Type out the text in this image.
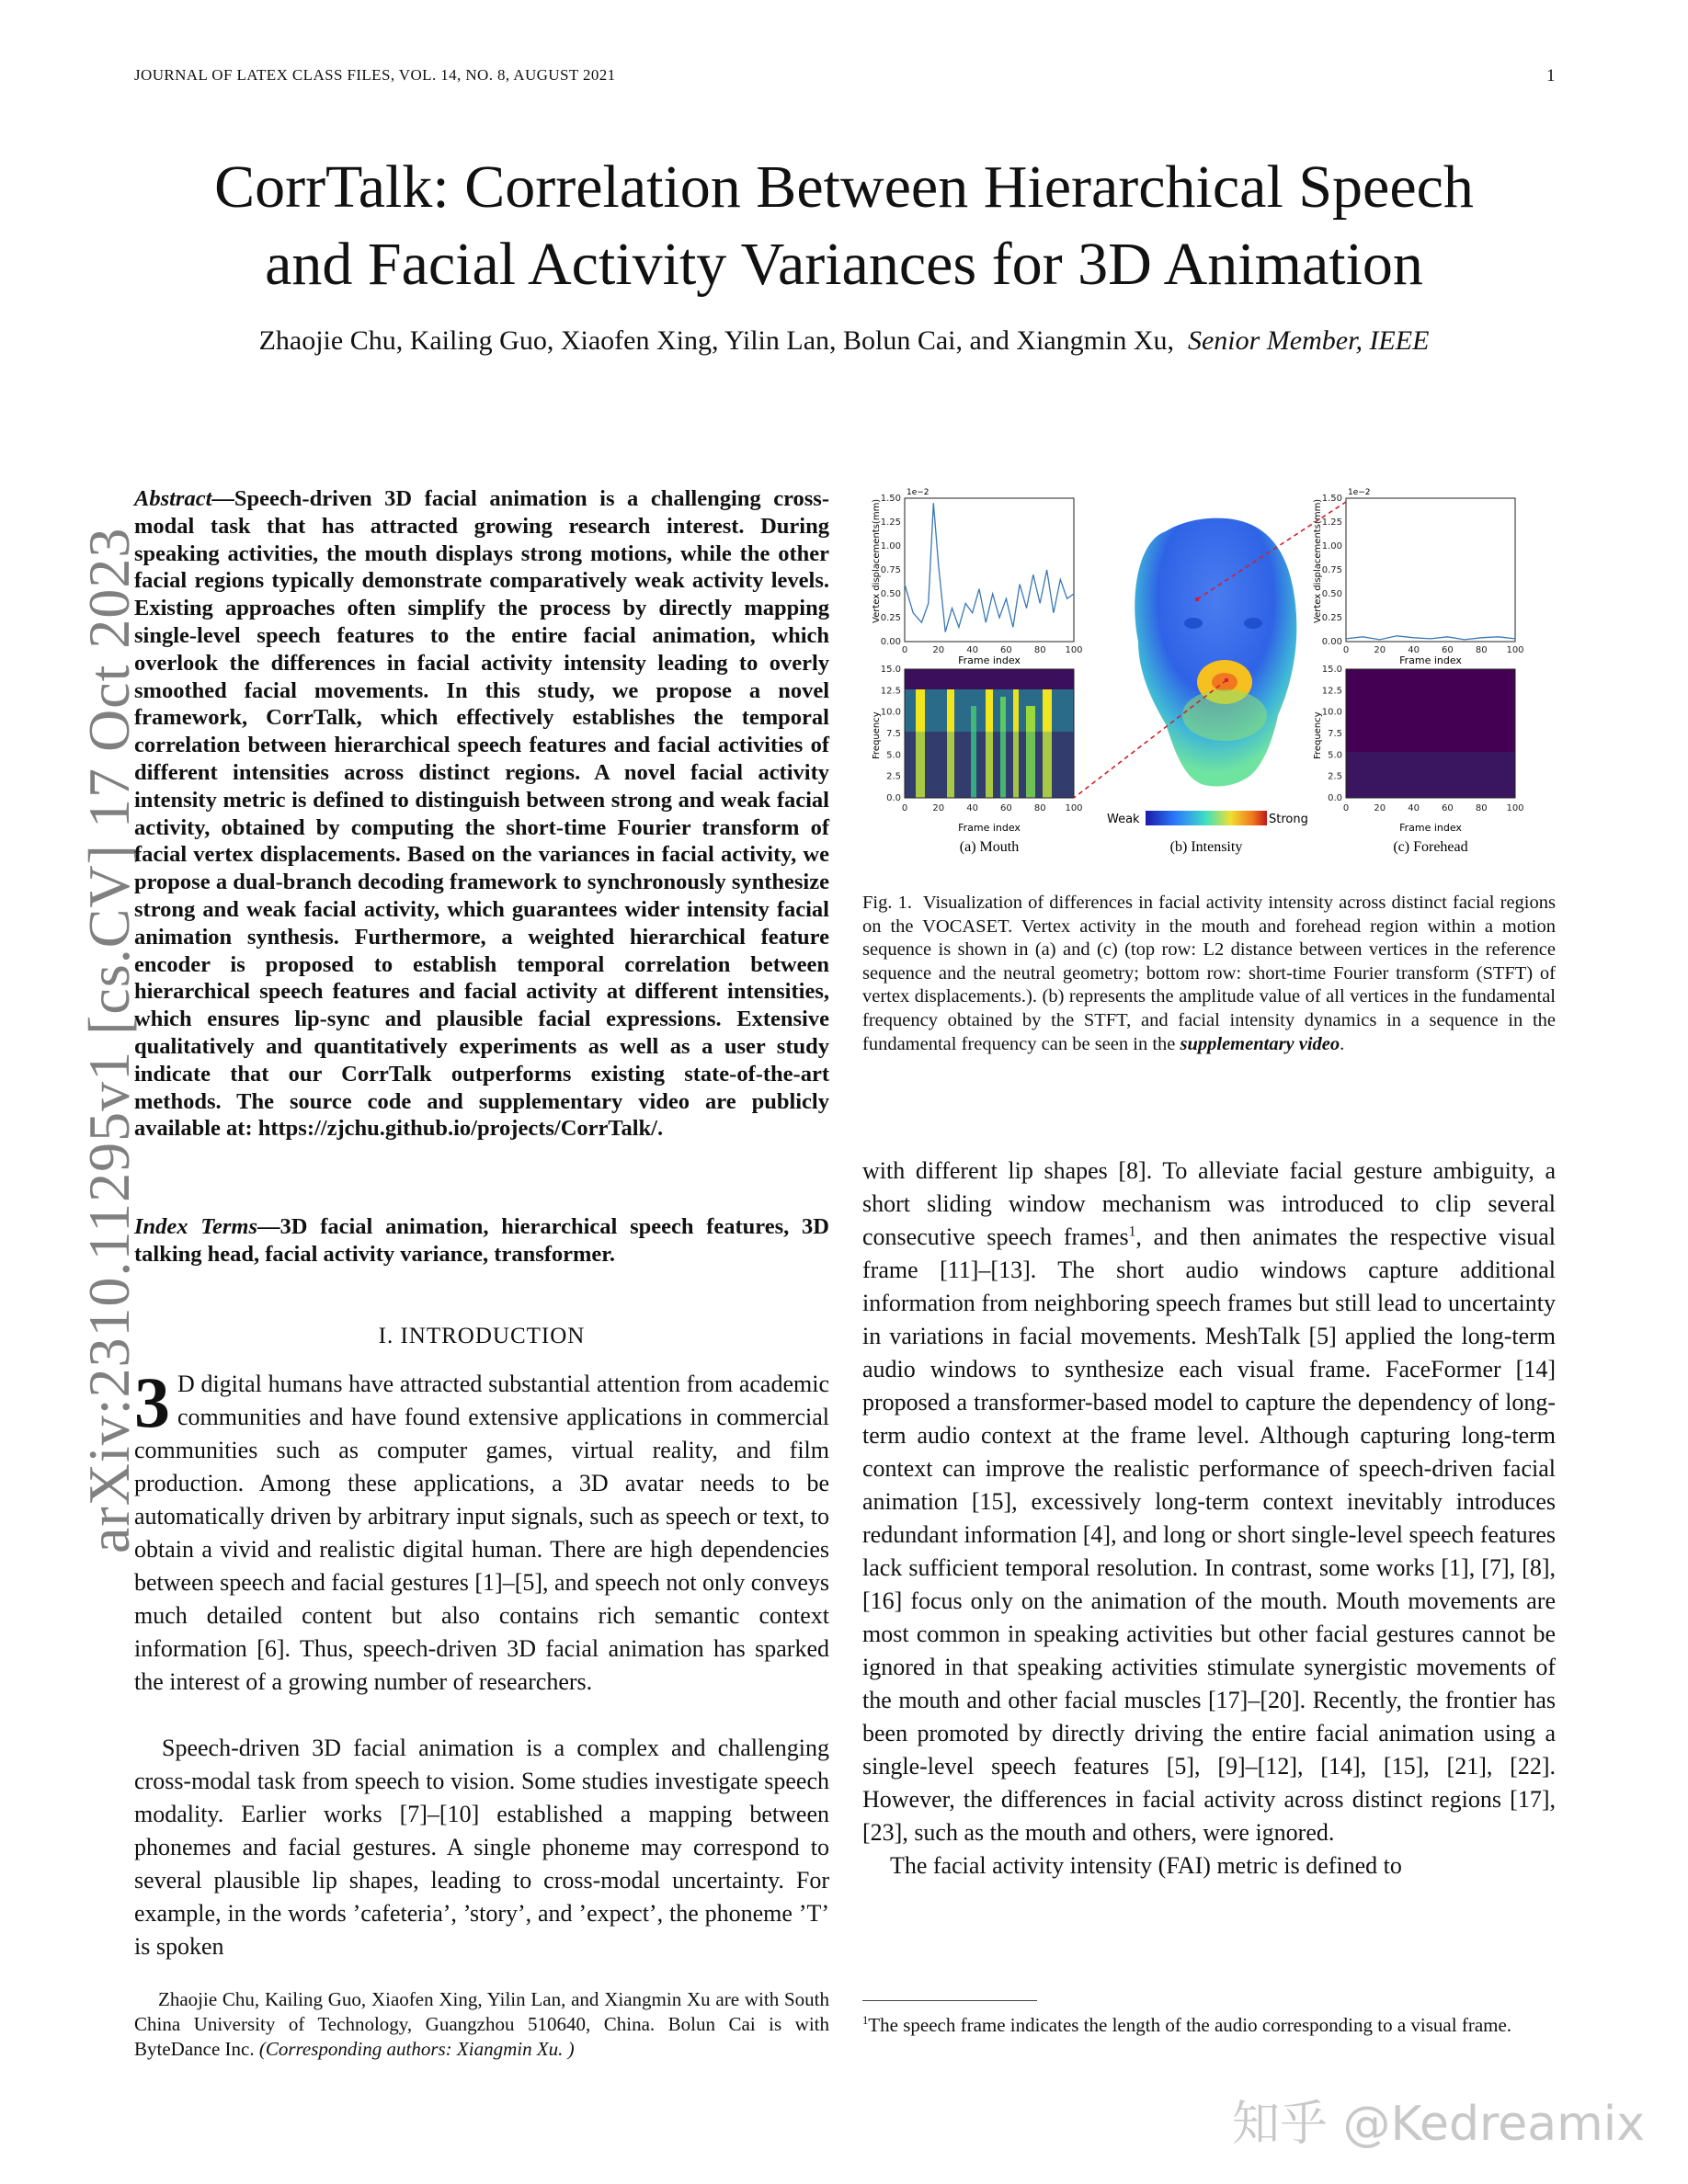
JOURNAL OF LATEX CLASS FILES, VOL. 14, NO. 8, AUGUST 2021	1
CorrTalk: Correlation Between Hierarchical Speech
and Facial Activity Variances for 3D Animation
Zhaojie Chu, Kailing Guo, Xiaofen Xing, Yilin Lan, Bolun Cai, and Xiangmin Xu, Senior Member, IEEE
arXiv:2310.11295v1 [cs.CV] 17 Oct 2023
Abstract—Speech-driven 3D facial animation is a challenging cross-modal task that has attracted growing research interest. During speaking activities, the mouth displays strong motions, while the other facial regions typically demonstrate comparatively weak activity levels. Existing approaches often simplify the process by directly mapping single-level speech features to the entire facial animation, which overlook the differences in facial activity intensity leading to overly smoothed facial movements. In this study, we propose a novel framework, CorrTalk, which effectively establishes the temporal correlation between hierarchical speech features and facial activities of different intensities across distinct regions. A novel facial activity intensity metric is defined to distinguish between strong and weak facial activity, obtained by computing the short-time Fourier transform of facial vertex displacements. Based on the variances in facial activity, we propose a dual-branch decoding framework to synchronously synthesize strong and weak facial activity, which guarantees wider intensity facial animation synthesis. Furthermore, a weighted hierarchical feature encoder is proposed to establish temporal correlation between hierarchical speech features and facial activity at different intensities, which ensures lip-sync and plausible facial expressions. Extensive qualitatively and quantitatively experiments as well as a user study indicate that our CorrTalk outperforms existing state-of-the-art methods. The source code and supplementary video are publicly available at: https://zjchu.github.io/projects/CorrTalk/.
Index Terms—3D facial animation, hierarchical speech features, 3D talking head, facial activity variance, transformer.
I. INTRODUCTION
3 D digital humans have attracted substantial attention from academic communities and have found extensive applications in commercial communities such as computer games, virtual reality, and film production. Among these applications, a 3D avatar needs to be automatically driven by arbitrary input signals, such as speech or text, to obtain a vivid and realistic digital human. There are high dependencies between speech and facial gestures [1]–[5], and speech not only conveys much detailed content but also contains rich semantic context information [6]. Thus, speech-driven 3D facial animation has sparked the interest of a growing number of researchers.
Speech-driven 3D facial animation is a complex and challenging cross-modal task from speech to vision. Some studies investigate speech modality. Earlier works [7]–[10] established a mapping between phonemes and facial gestures. A single phoneme may correspond to several plausible lip shapes, leading to cross-modal uncertainty. For example, in the words ’cafeteria’, ’story’, and ’expect’, the phoneme ’T’ is spoken

Zhaojie Chu, Kailing Guo, Xiaofen Xing, Yilin Lan, and Xiangmin Xu are with South China University of Technology, Guangzhou 510640, China. Bolun Cai is with ByteDance Inc. (Corresponding authors: Xiangmin Xu. )

1.50
1.25
1.00
0.75
0.50
0.25
0.00
1.50
1.25
1.00
0.75
0.50
0.25
0.00
15.0
12.5
10.0
7.5
5.0
2.5
0.0
15.0
12.5
10.0
7.5
5.0
2.5
0.0
0	20 40 60 80 100	0	20 40 60 80 100
0	20 40 60 80 100	0	20 40 60 80 100
Vertex displacements(mm)	Vertex displacements(mm)
1e−2	1e−2
Frame index	Frame index
Frequency	Frequency
Frame index	Frame index
Weak	Strong
(a) Mouth	(b) Intensity	(c) Forehead
Fig. 1. Visualization of differences in facial activity intensity across distinct facial regions on the VOCASET. Vertex activity in the mouth and forehead region within a motion sequence is shown in (a) and (c) (top row: L2 distance between vertices in the reference sequence and the neutral geometry; bottom row: short-time Fourier transform (STFT) of vertex displacements.). (b) represents the amplitude value of all vertices in the fundamental frequency obtained by the STFT, and facial intensity dynamics in a sequence in the fundamental frequency can be seen in the supplementary video.

with different lip shapes [8]. To alleviate facial gesture ambiguity, a short sliding window mechanism was introduced to clip several consecutive speech frames$^1$, and then animates the respective visual frame [11]–[13]. The short audio windows capture additional information from neighboring speech frames but still lead to uncertainty in variations in facial movements. MeshTalk [5] applied the long-term audio windows to synthesize each visual frame. FaceFormer [14] proposed a transformer-based model to capture the dependency of long-term audio context at the frame level. Although capturing long-term context can improve the realistic performance of speech-driven facial animation [15], excessively long-term context inevitably introduces redundant information [4], and long or short single-level speech features lack sufficient temporal resolution. In contrast, some works [1], [7], [8], [16] focus only on the animation of the mouth. Mouth movements are most common in speaking activities but other facial gestures cannot be ignored in that speaking activities stimulate synergistic movements of the mouth and other facial muscles [17]–[20]. Recently, the frontier has been promoted by directly driving the entire facial animation using a single-level speech features [5], [9]–[12], [14], [15], [21], [22]. However, the differences in facial activity across distinct regions [17], [23], such as the mouth and others, were ignored.

The facial activity intensity (FAI) metric is defined to

$^1$The speech frame indicates the length of the audio corresponding to a visual frame.
知乎 @Kedreamix
